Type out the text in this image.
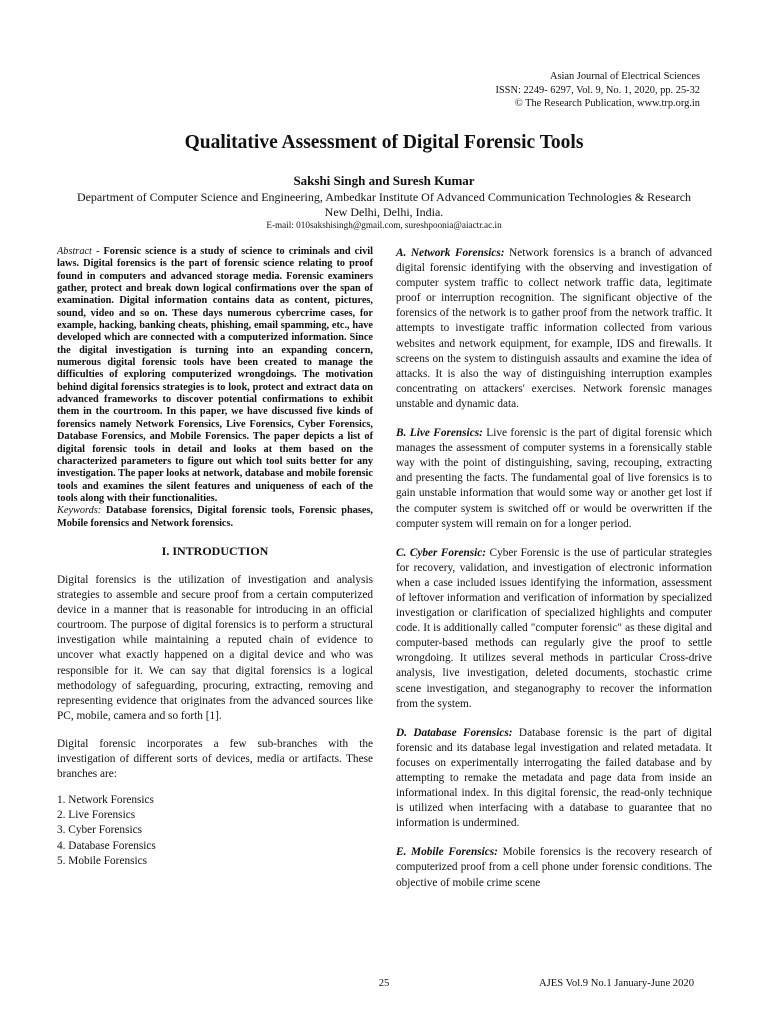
Asian Journal of Electrical Sciences
ISSN: 2249- 6297, Vol. 9, No. 1, 2020, pp. 25-32
© The Research Publication, www.trp.org.in
Qualitative Assessment of Digital Forensic Tools
Sakshi Singh and Suresh Kumar
Department of Computer Science and Engineering, Ambedkar Institute Of Advanced Communication Technologies & Research
New Delhi, Delhi, India.
E-mail: 010sakshisingh@gmail.com, sureshpoonia@aiactr.ac.in
Abstract - Forensic science is a study of science to criminals and civil laws. Digital forensics is the part of forensic science relating to proof found in computers and advanced storage media. Forensic examiners gather, protect and break down logical confirmations over the span of examination. Digital information contains data as content, pictures, sound, video and so on. These days numerous cybercrime cases, for example, hacking, banking cheats, phishing, email spamming, etc., have developed which are connected with a computerized information. Since the digital investigation is turning into an expanding concern, numerous digital forensic tools have been created to manage the difficulties of exploring computerized wrongdoings. The motivation behind digital forensics strategies is to look, protect and extract data on advanced frameworks to discover potential confirmations to exhibit them in the courtroom. In this paper, we have discussed five kinds of forensics namely Network Forensics, Live Forensics, Cyber Forensics, Database Forensics, and Mobile Forensics. The paper depicts a list of digital forensic tools in detail and looks at them based on the characterized parameters to figure out which tool suits better for any investigation. The paper looks at network, database and mobile forensic tools and examines the silent features and uniqueness of each of the tools along with their functionalities.
Keywords: Database forensics, Digital forensic tools, Forensic phases, Mobile forensics and Network forensics.
I. INTRODUCTION

Digital forensics is the utilization of investigation and analysis strategies to assemble and secure proof from a certain computerized device in a manner that is reasonable for introducing in an official courtroom. The purpose of digital forensics is to perform a structural investigation while maintaining a reputed chain of evidence to uncover what exactly happened on a digital device and who was responsible for it. We can say that digital forensics is a logical methodology of safeguarding, procuring, extracting, removing and representing evidence that originates from the advanced sources like PC, mobile, camera and so forth [1].

Digital forensic incorporates a few sub-branches with the investigation of different sorts of devices, media or artifacts. These branches are:

1. Network Forensics
2. Live Forensics
3. Cyber Forensics
4. Database Forensics
5. Mobile Forensics

A. Network Forensics: Network forensics is a branch of advanced digital forensic identifying with the observing and investigation of computer system traffic to collect network traffic data, legitimate proof or interruption recognition. The significant objective of the forensics of the network is to gather proof from the network traffic. It attempts to investigate traffic information collected from various websites and network equipment, for example, IDS and firewalls. It screens on the system to distinguish assaults and examine the idea of attacks. It is also the way of distinguishing interruption examples concentrating on attackers' exercises. Network forensic manages unstable and dynamic data.

B. Live Forensics: Live forensic is the part of digital forensic which manages the assessment of computer systems in a forensically stable way with the point of distinguishing, saving, recouping, extracting and presenting the facts. The fundamental goal of live forensics is to gain unstable information that would some way or another get lost if the computer system is switched off or would be overwritten if the computer system will remain on for a longer period.

C. Cyber Forensic: Cyber Forensic is the use of particular strategies for recovery, validation, and investigation of electronic information when a case included issues identifying the information, assessment of leftover information and verification of information by specialized investigation or clarification of specialized highlights and computer code. It is additionally called "computer forensic" as these digital and computer-based methods can regularly give the proof to settle wrongdoing. It utilizes several methods in particular Cross-drive analysis, live investigation, deleted documents, stochastic crime scene investigation, and steganography to recover the information from the system.

D. Database Forensics: Database forensic is the part of digital forensic and its database legal investigation and related metadata. It focuses on experimentally interrogating the failed database and by attempting to remake the metadata and page data from inside an informational index. In this digital forensic, the read-only technique is utilized when interfacing with a database to guarantee that no information is undermined.

E. Mobile Forensics: Mobile forensics is the recovery research of computerized proof from a cell phone under forensic conditions. The objective of mobile crime scene

25	AJES Vol.9 No.1 January-June 2020
